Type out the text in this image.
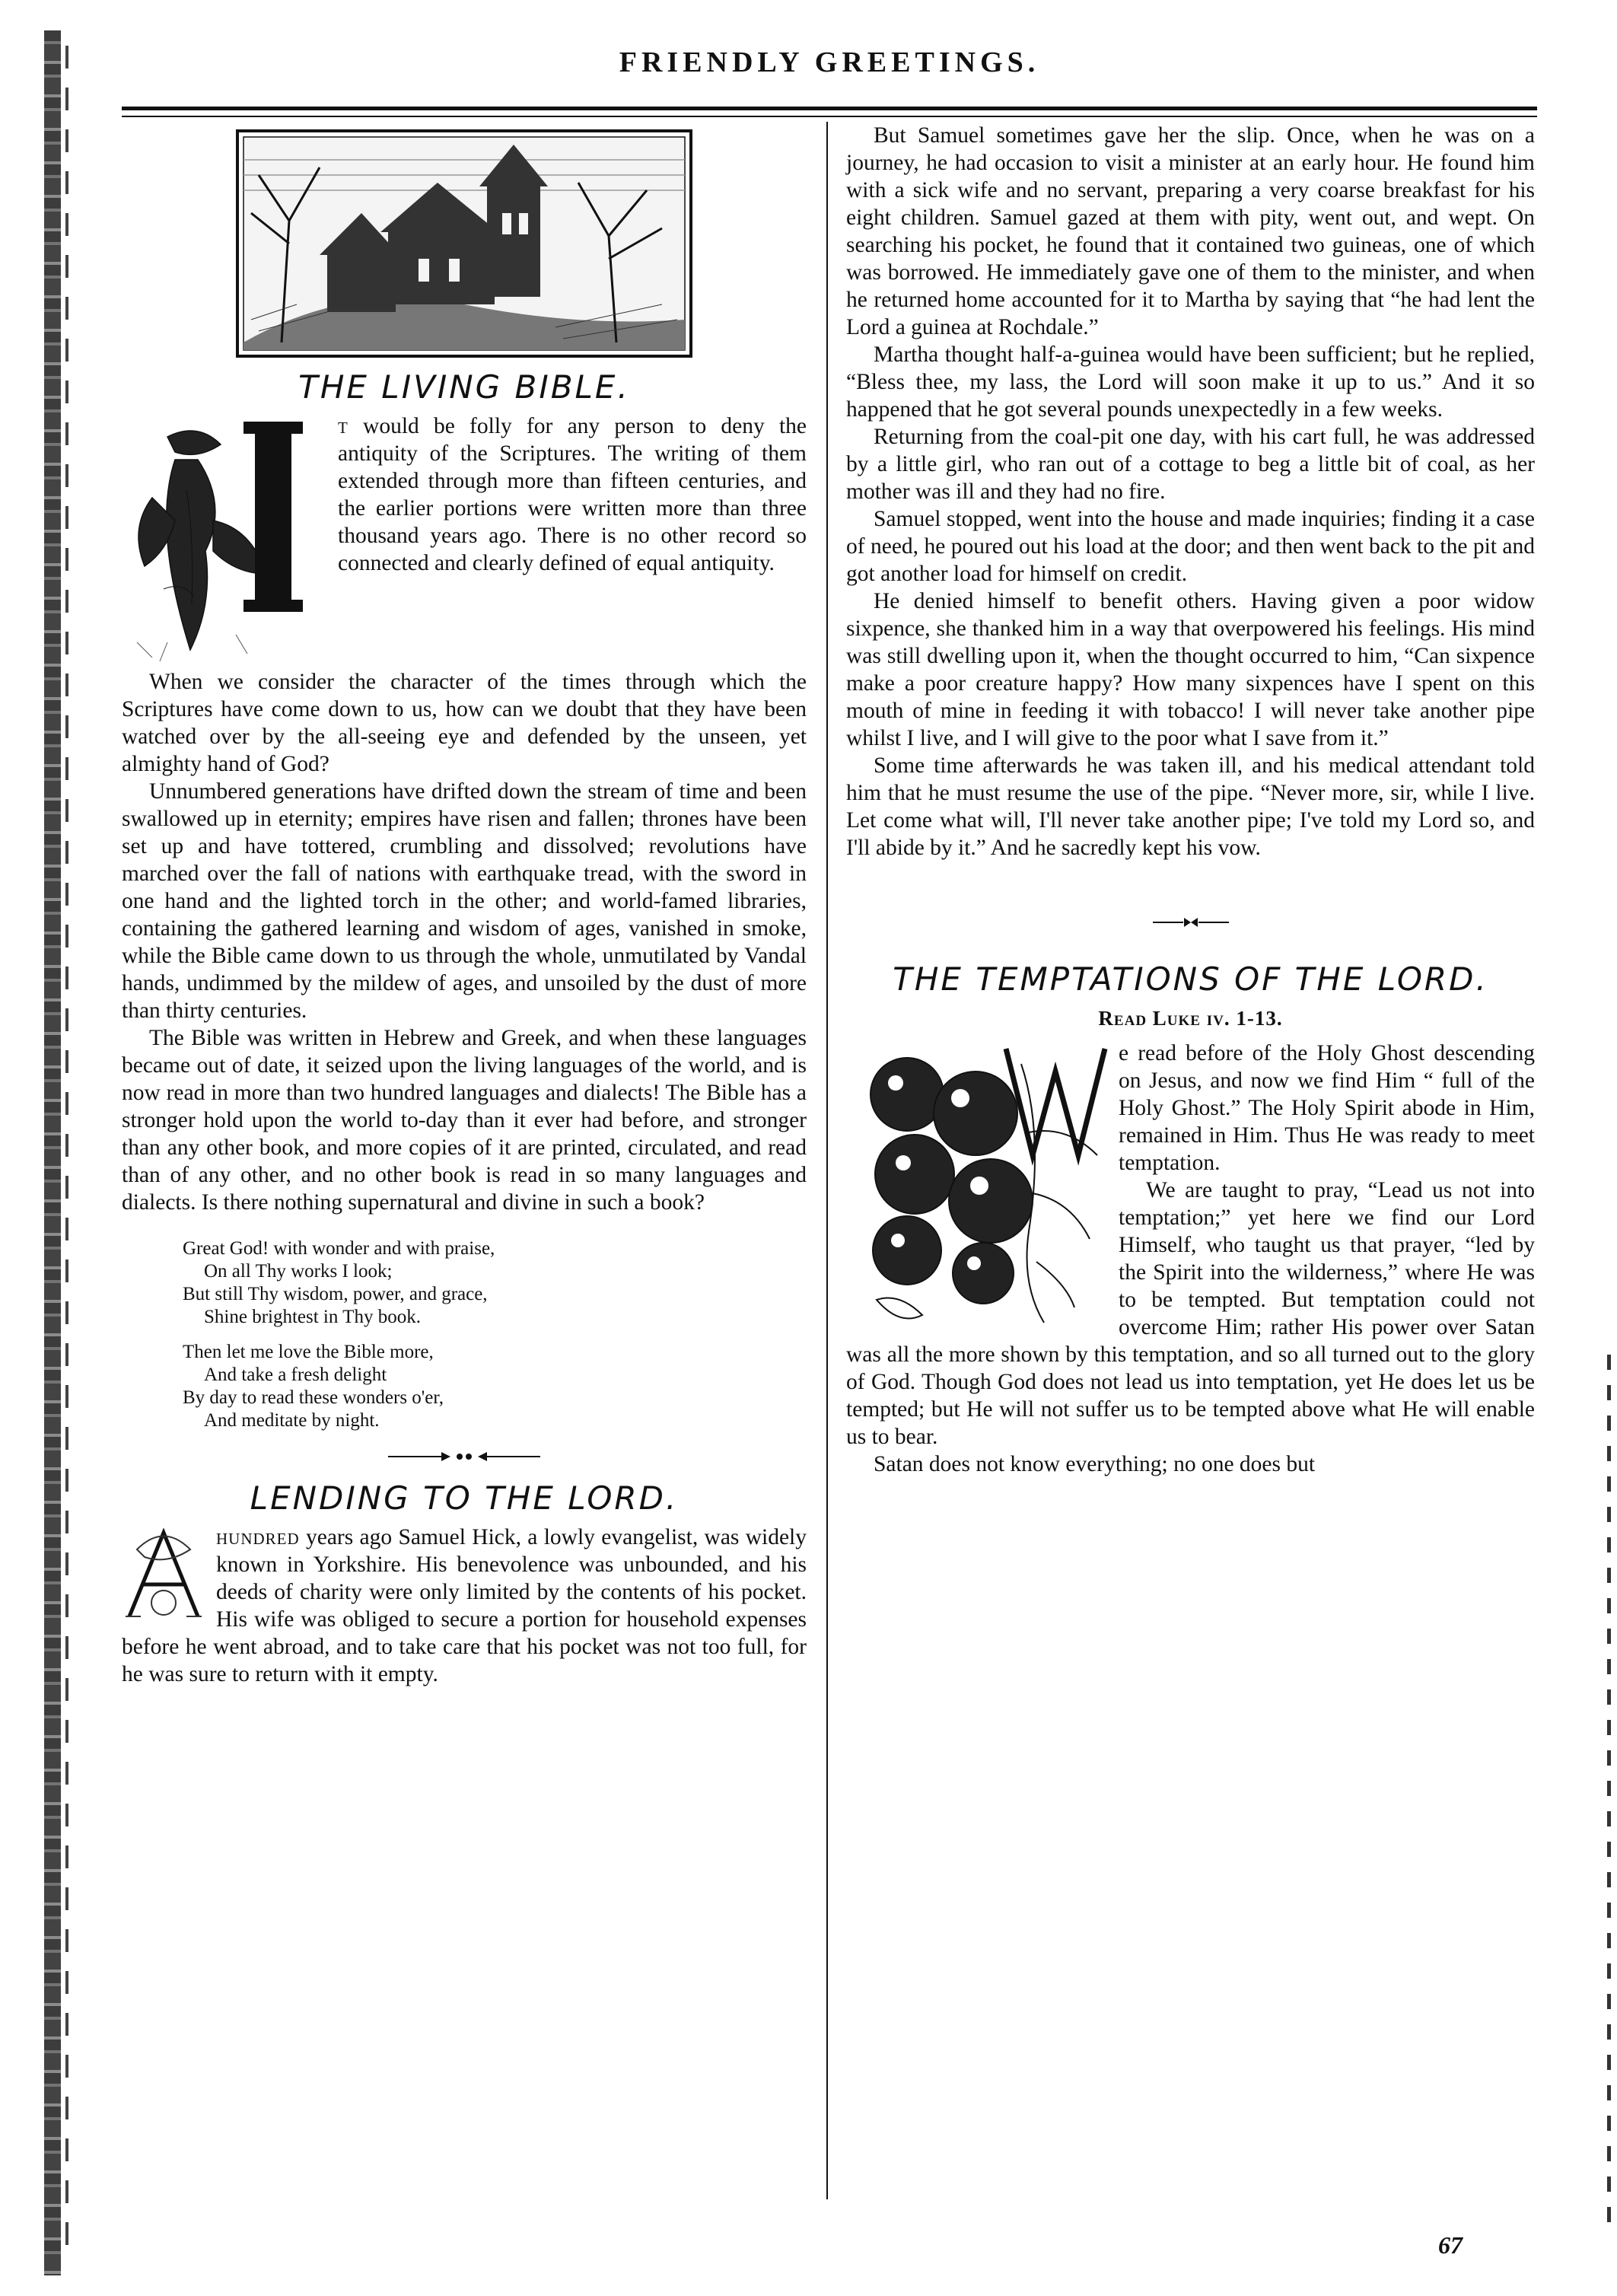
FRIENDLY GREETINGS.
THE LIVING BIBLE.

t would be folly for any person to deny the antiquity of the Scriptures. The writing of them extended through more than fifteen centuries, and the earlier portions were written more than three thousand years ago. There is no other record so connected and clearly defined of equal antiquity.

When we consider the character of the times through which the Scriptures have come down to us, how can we doubt that they have been watched over by the all-seeing eye and defended by the unseen, yet almighty hand of God?

Unnumbered generations have drifted down the stream of time and been swallowed up in eternity; empires have risen and fallen; thrones have been set up and have tottered, crumbling and dissolved; revolutions have marched over the fall of nations with earthquake tread, with the sword in one hand and the lighted torch in the other; and world-famed libraries, containing the gathered learning and wisdom of ages, vanished in smoke, while the Bible came down to us through the whole, unmutilated by Vandal hands, undimmed by the mildew of ages, and unsoiled by the dust of more than thirty centuries.

The Bible was written in Hebrew and Greek, and when these languages became out of date, it seized upon the living languages of the world, and is now read in more than two hundred languages and dialects! The Bible has a stronger hold upon the world to-day than it ever had before, and stronger than any other book, and more copies of it are printed, circulated, and read than of any other, and no other book is read in so many languages and dialects. Is there nothing supernatural and divine in such a book?

Great God! with wonder and with praise,
On all Thy works I look;
But still Thy wisdom, power, and grace,
Shine brightest in Thy book.
Then let me love the Bible more,
And take a fresh delight
By day to read these wonders o'er,
And meditate by night.
LENDING TO THE LORD.

hundred years ago Samuel Hick, a lowly evangelist, was widely known in Yorkshire. His benevolence was unbounded, and his deeds of charity were only limited by the contents of his pocket. His wife was obliged to secure a portion for household expenses before he went abroad, and to take care that his pocket was not too full, for he was sure to return with it empty.

But Samuel sometimes gave her the slip. Once, when he was on a journey, he had occasion to visit a minister at an early hour. He found him with a sick wife and no servant, preparing a very coarse breakfast for his eight children. Samuel gazed at them with pity, went out, and wept. On searching his pocket, he found that it contained two guineas, one of which was borrowed. He immediately gave one of them to the minister, and when he returned home accounted for it to Martha by saying that “he had lent the Lord a guinea at Rochdale.”

Martha thought half-a-guinea would have been sufficient; but he replied, “Bless thee, my lass, the Lord will soon make it up to us.” And it so happened that he got several pounds unexpectedly in a few weeks.

Returning from the coal-pit one day, with his cart full, he was addressed by a little girl, who ran out of a cottage to beg a little bit of coal, as her mother was ill and they had no fire.

Samuel stopped, went into the house and made inquiries; finding it a case of need, he poured out his load at the door; and then went back to the pit and got another load for himself on credit.

He denied himself to benefit others. Having given a poor widow sixpence, she thanked him in a way that overpowered his feelings. His mind was still dwelling upon it, when the thought occurred to him, “Can sixpence make a poor creature happy? How many sixpences have I spent on this mouth of mine in feeding it with tobacco! I will never take another pipe whilst I live, and I will give to the poor what I save from it.”

Some time afterwards he was taken ill, and his medical attendant told him that he must resume the use of the pipe. “Never more, sir, while I live. Let come what will, I'll never take another pipe; I've told my Lord so, and I'll abide by it.” And he sacredly kept his vow.

THE TEMPTATIONS OF THE LORD.
Read Luke iv. 1-13.

e read before of the Holy Ghost descending on Jesus, and now we find Him “ full of the Holy Ghost.” The Holy Spirit abode in Him, remained in Him. Thus He was ready to meet temptation.

We are taught to pray, “Lead us not into temptation;” yet here we find our Lord Himself, who taught us that prayer, “led by the Spirit into the wilderness,” where He was to be tempted. But temptation could not overcome Him; rather His power over Satan was all the more shown by this temptation, and so all turned out to the glory of God. Though God does not lead us into temptation, yet He does let us be tempted; but He will not suffer us to be tempted above what He will enable us to bear.

Satan does not know everything; no one does but

67
